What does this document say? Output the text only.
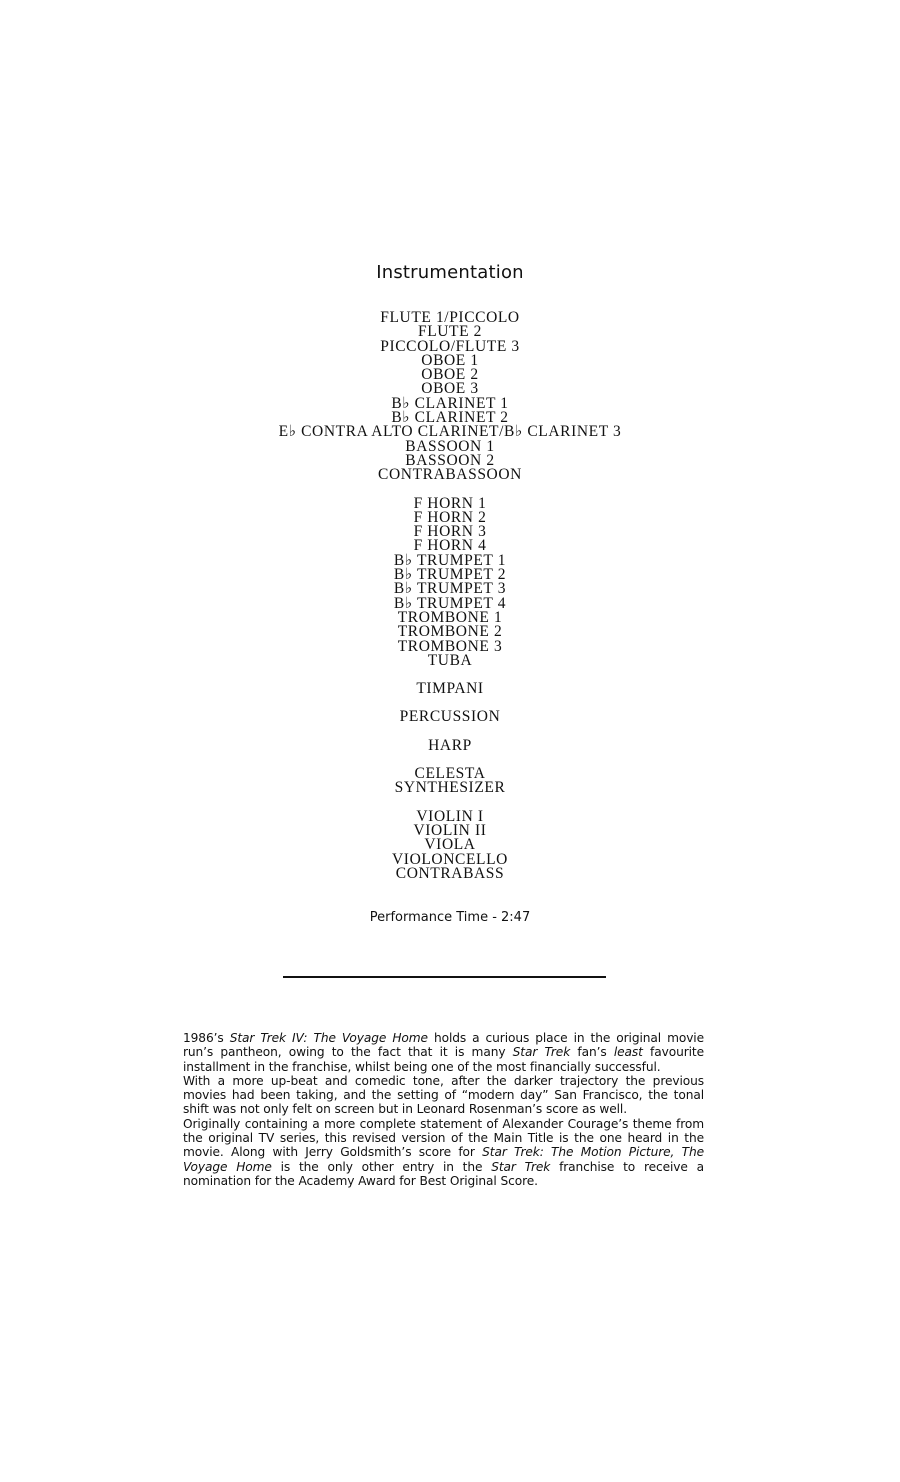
Instrumentation
FLUTE 1/PICCOLO
FLUTE 2
PICCOLO/FLUTE 3
OBOE 1
OBOE 2
OBOE 3
B♭ CLARINET 1
B♭ CLARINET 2
E♭ CONTRA ALTO CLARINET/B♭ CLARINET 3
BASSOON 1
BASSOON 2
CONTRABASSOON
F HORN 1
F HORN 2
F HORN 3
F HORN 4
B♭ TRUMPET 1
B♭ TRUMPET 2
B♭ TRUMPET 3
B♭ TRUMPET 4
TROMBONE 1
TROMBONE 2
TROMBONE 3
TUBA
TIMPANI
PERCUSSION
HARP
CELESTA
SYNTHESIZER
VIOLIN I
VIOLIN II
VIOLA
VIOLONCELLO
CONTRABASS
Performance Time - 2:47

1986’s Star Trek IV: The Voyage Home holds a curious place in the original movie run’s pantheon, owing to the fact that it is many Star Trek fan’s least favourite installment in the franchise, whilst being one of the most financially successful.

With a more up-beat and comedic tone, after the darker trajectory the previous movies had been taking, and the setting of “modern day” San Francisco, the tonal shift was not only felt on screen but in Leonard Rosenman’s score as well.

Originally containing a more complete statement of Alexander Courage’s theme from the original TV series, this revised version of the Main Title is the one heard in the movie. Along with Jerry Goldsmith’s score for Star Trek: The Motion Picture, The Voyage Home is the only other entry in the Star Trek franchise to receive a nomination for the Academy Award for Best Original Score.
